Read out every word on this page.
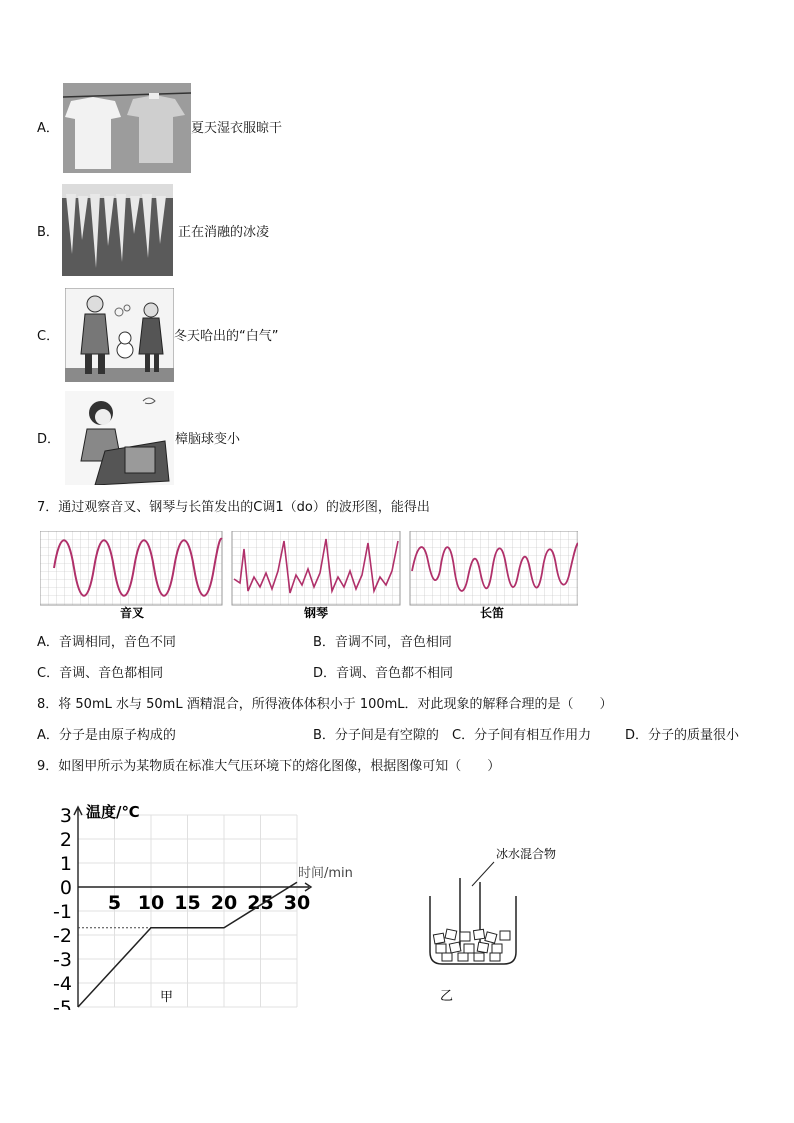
A．	夏天湿衣服晾干
B．	正在消融的冰凌
C．	冬天哈出的“白气”
D．	樟脑球变小
7．通过观察音叉、钢琴与长笛发出的C调1（do）的波形图，能得出
音叉	钢琴	长笛
A．音调相同，音色不同	B．音调不同，音色相同
C．音调、音色都相同	D．音调、音色都不相同
8．将 50mL 水与 50mL 酒精混合，所得液体体积小于 100mL．对此现象的解释合理的是（　　）
A．分子是由原子构成的	B．分子间是有空隙的 C．分子间有相互作用力	D．分子的质量很小
9．如图甲所示为某物质在标准大气压环境下的熔化图像，根据图像可知（　　）
3
2
1
0
-1
-2
-3
-4
-5
5 10 15 20 25 30
温度/℃
时间/min
甲
冰水混合物
乙
